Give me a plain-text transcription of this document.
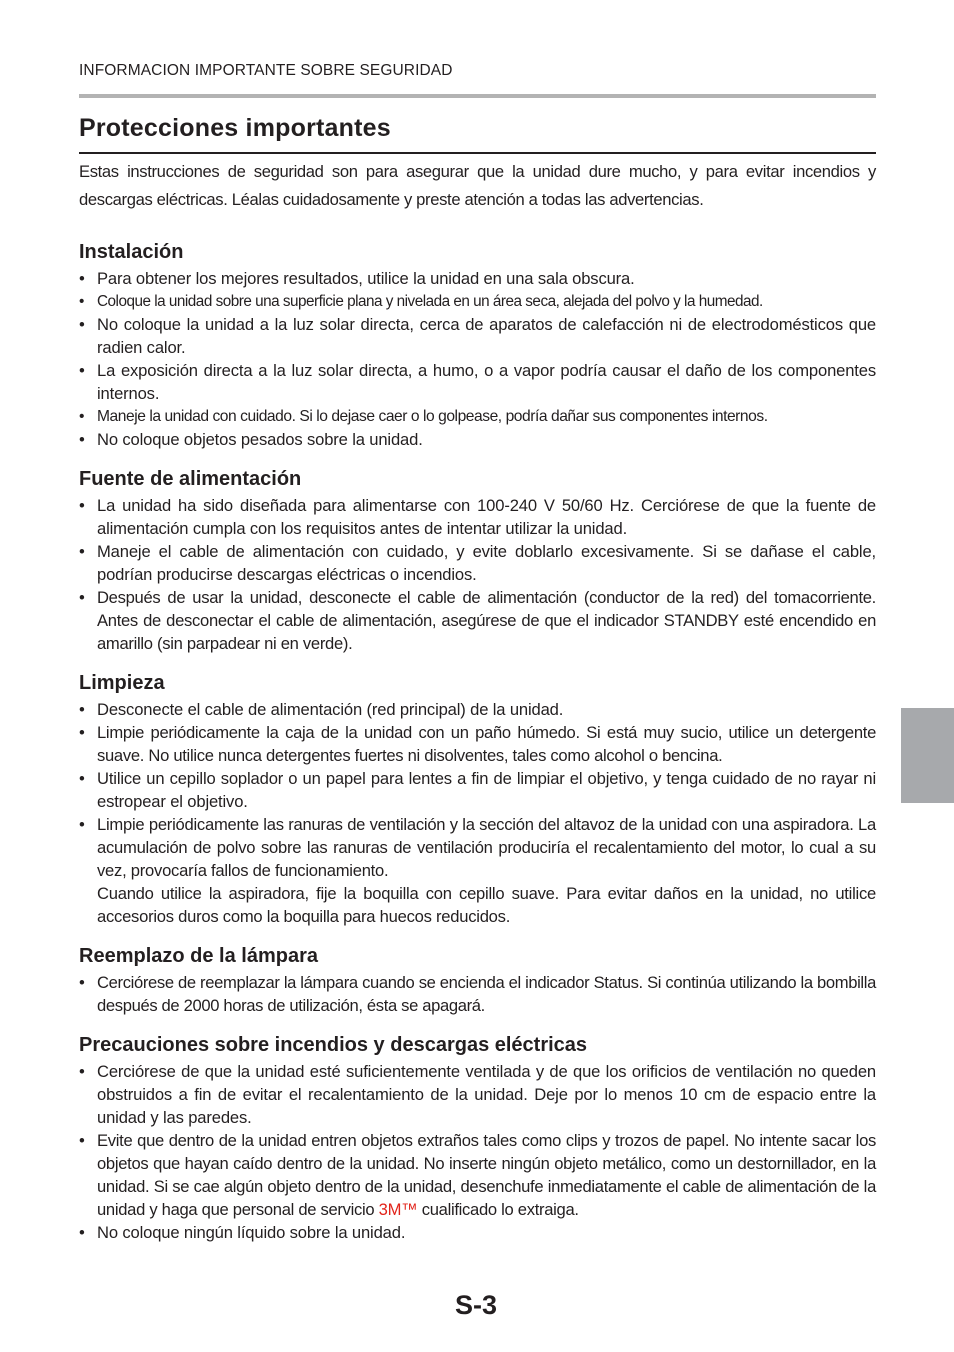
INFORMACION IMPORTANTE SOBRE SEGURIDAD
Protecciones importantes

Estas instrucciones de seguridad son para asegurar que la unidad dure mucho, y para evitar incendios y descargas eléctricas. Léalas cuidadosamente y preste atención a todas las advertencias.

Instalación
• Para obtener los mejores resultados, utilice la unidad en una sala obscura.
• Coloque la unidad sobre una superficie plana y nivelada en un área seca, alejada del polvo y la humedad.
• No coloque la unidad a la luz solar directa, cerca de aparatos de calefacción ni de electrodomésticos que radien calor.
• La exposición directa a la luz solar directa, a humo, o a vapor podría causar el daño de los componentes internos.
• Maneje la unidad con cuidado. Si lo dejase caer o lo golpease, podría dañar sus componentes internos.
• No coloque objetos pesados sobre la unidad.
Fuente de alimentación
• La unidad ha sido diseñada para alimentarse con 100-240 V 50/60 Hz. Cerciórese de que la fuente de alimentación cumpla con los requisitos antes de intentar utilizar la unidad.
• Maneje el cable de alimentación con cuidado, y evite doblarlo excesivamente. Si se dañase el cable, podrían producirse descargas eléctricas o incendios.
• Después de usar la unidad, desconecte el cable de alimentación (conductor de la red) del tomacorriente. Antes de desconectar el cable de alimentación, asegúrese de que el indicador STANDBY esté encendido en amarillo (sin parpadear ni en verde).
Limpieza
• Desconecte el cable de alimentación (red principal) de la unidad.
• Limpie periódicamente la caja de la unidad con un paño húmedo. Si está muy sucio, utilice un detergente suave. No utilice nunca detergentes fuertes ni disolventes, tales como alcohol o bencina.
• Utilice un cepillo soplador o un papel para lentes a fin de limpiar el objetivo, y tenga cuidado de no rayar ni estropear el objetivo.
• Limpie periódicamente las ranuras de ventilación y la sección del altavoz de la unidad con una aspiradora. La acumulación de polvo sobre las ranuras de ventilación produciría el recalentamiento del motor, lo cual a su vez, provocaría fallos de funcionamiento.
Cuando utilice la aspiradora, fije la boquilla con cepillo suave. Para evitar daños en la unidad, no utilice accesorios duros como la boquilla para huecos reducidos.
Reemplazo de la lámpara
• Cerciórese de reemplazar la lámpara cuando se encienda el indicador Status. Si continúa utilizando la bombilla después de 2000 horas de utilización, ésta se apagará.
Precauciones sobre incendios y descargas eléctricas
• Cerciórese de que la unidad esté suficientemente ventilada y de que los orificios de ventilación no queden obstruidos a fin de evitar el recalentamiento de la unidad. Deje por lo menos 10 cm de espacio entre la unidad y las paredes.
• Evite que dentro de la unidad entren objetos extraños tales como clips y trozos de papel. No intente sacar los objetos que hayan caído dentro de la unidad. No inserte ningún objeto metálico, como un destornillador, en la unidad. Si se cae algún objeto dentro de la unidad, desenchufe inmediatamente el cable de alimentación de la unidad y haga que personal de servicio 3M™ cualificado lo extraiga.
• No coloque ningún líquido sobre la unidad.
S-3
